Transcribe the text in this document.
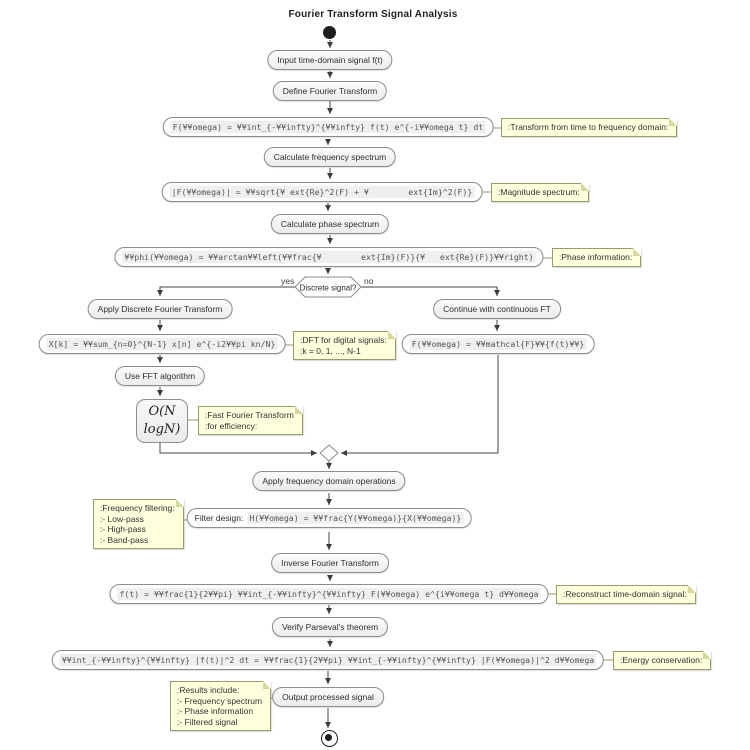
Fourier Transform Signal Analysis
Input time-domain signal f(t)
Define Fourier Transform
F(¥¥omega) = ¥¥int_{-¥¥infty}^{¥¥infty} f(t) e^{-i¥¥omega t} dt	:Transform from time to frequency domain:
Calculate frequency spectrum
|F(¥¥omega)| = ¥¥sqrt{¥ ext{Re}^2(F) + ¥        ext{Im}^2(F)}	:Magnitude spectrum:
Calculate phase spectrum
¥¥phi(¥¥omega) = ¥¥arctan¥¥left(¥¥frac{¥        ext{Im}(F)}{¥   ext{Re}(F)}¥¥right)	:Phase information:
Discrete signal?
yes	no
Apply Discrete Fourier Transform
X[k] = ¥¥sum_{n=0}^{N-1} x[n] e^{-i2¥¥pi kn/N}	:DFT for digital signals:
:k = 0, 1, ..., N-1
Use FFT algorithm
O(N
logN)
:Fast Fourier Transform
:for efficiency:
Continue with continuous FT
F(¥¥omega) = ¥¥mathcal{F}¥¥{f(t)¥¥}
Apply frequency domain operations
:Frequency filtering:
:- Low-pass
:- High-pass
:- Band-pass
Filter design: H(¥¥omega) = ¥¥frac{Y(¥¥omega)}{X(¥¥omega)}
Inverse Fourier Transform
f(t) = ¥¥frac{1}{2¥¥pi} ¥¥int_{-¥¥infty}^{¥¥infty} F(¥¥omega) e^{i¥¥omega t} d¥¥omega	:Reconstruct time-domain signal:
Verify Parseval's theorem
¥¥int_{-¥¥infty}^{¥¥infty} |f(t)|^2 dt = ¥¥frac{1}{2¥¥pi} ¥¥int_{-¥¥infty}^{¥¥infty} |F(¥¥omega)|^2 d¥¥omega	:Energy conservation:
:Results include:
:- Frequency spectrum
:- Phase information
:- Filtered signal
Output processed signal
